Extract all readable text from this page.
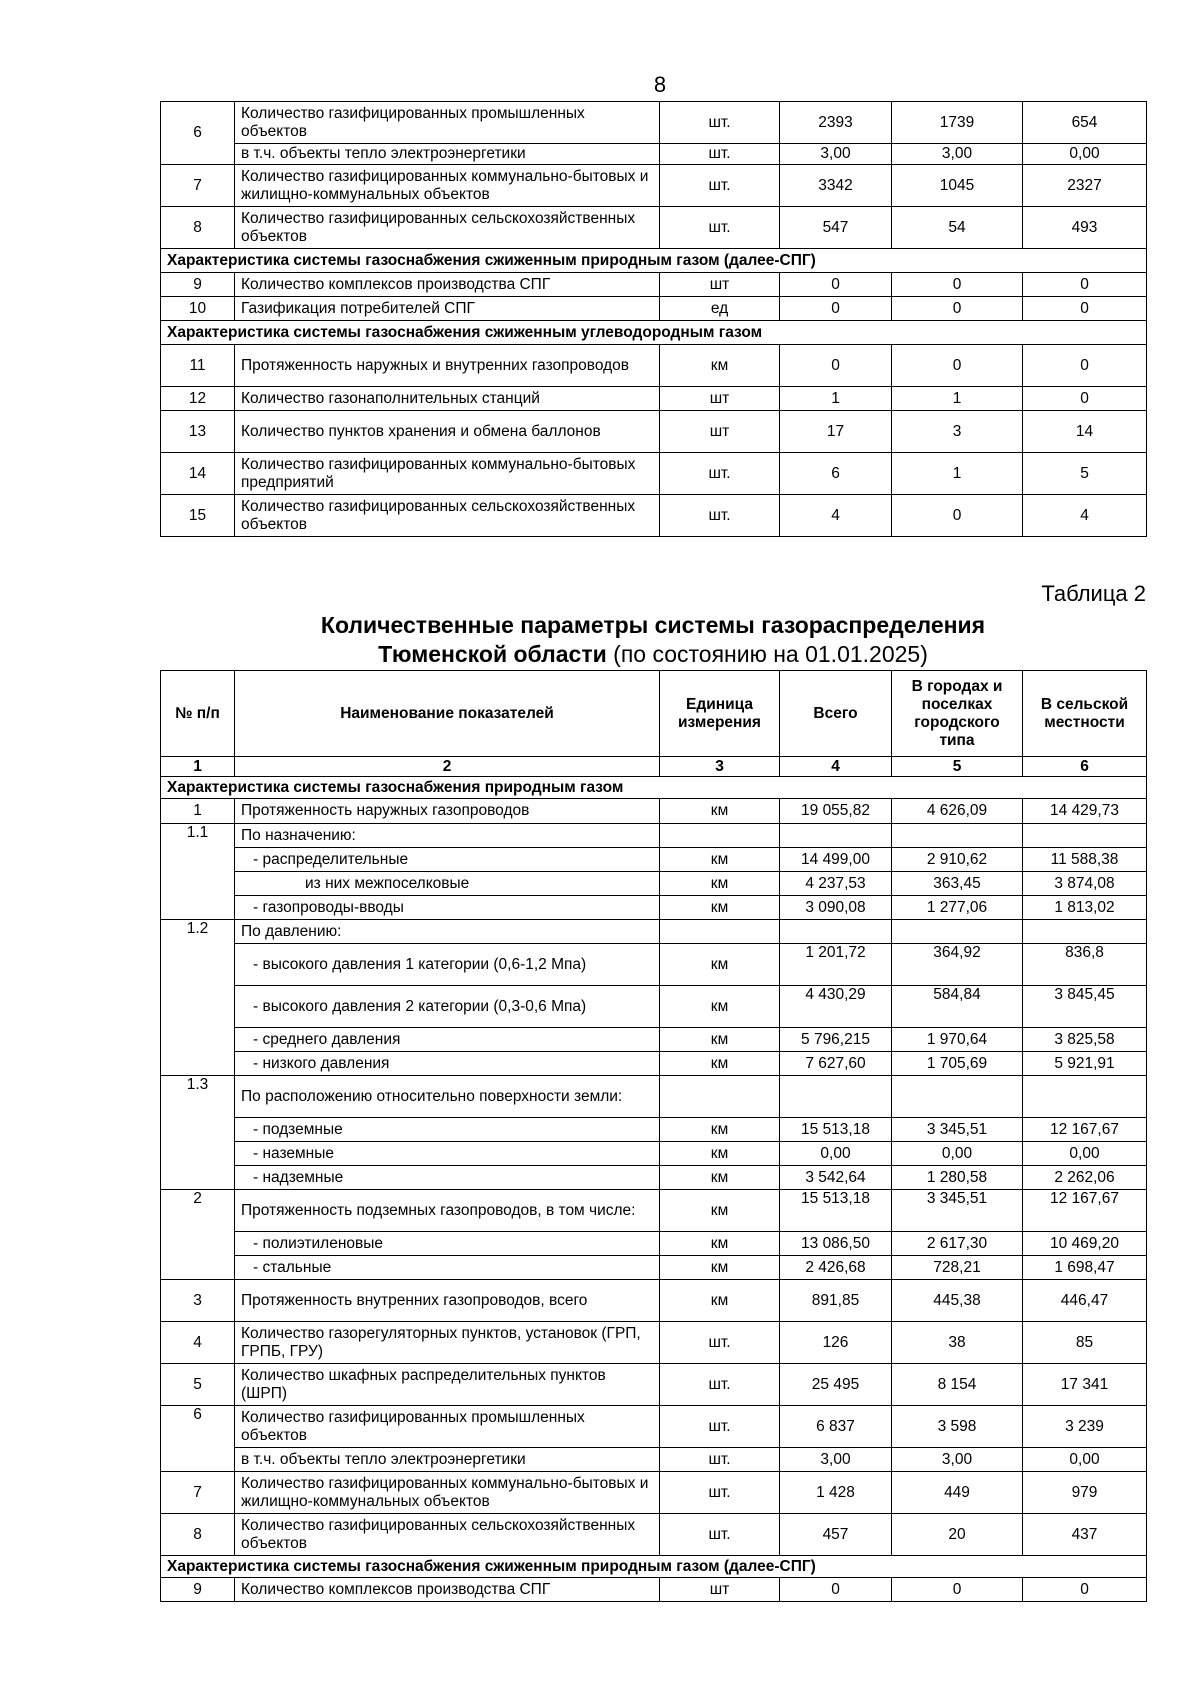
8
6	Количество газифицированных промышленных объектов	шт.	2393	1739	654
	в т.ч. объекты тепло электроэнергетики	шт.	3,00	3,00	0,00
7	Количество газифицированных коммунально-бытовых и жилищно-коммунальных объектов	шт.	3342	1045	2327
8	Количество газифицированных сельскохозяйственных объектов	шт.	547	54	493
Характеристика системы газоснабжения сжиженным природным газом (далее-СПГ)					
9	Количество комплексов производства СПГ	шт	0	0	0
10	Газификация потребителей СПГ	ед	0	0	0
Характеристика системы газоснабжения сжиженным углеводородным газом					
11	Протяженность наружных и внутренних газопроводов	км	0	0	0
12	Количество газонаполнительных станций	шт	1	1	0
13	Количество пунктов хранения и обмена баллонов	шт	17	3	14
14	Количество газифицированных коммунально-бытовых предприятий	шт.	6	1	5
15	Количество газифицированных сельскохозяйственных объектов	шт.	4	0	4
Таблица 2
Количественные параметры системы газораспределения
Тюменской области (по состоянию на 01.01.2025)
№ п/п	Наименование показателей	Единица измерения	Всего	В городах и поселках городского типа	В сельской местности
1	2	3	4	5	6
Характеристика системы газоснабжения природным газом					
1	Протяженность наружных газопроводов	км	19 055,82	4 626,09	14 429,73
1.1	По назначению:				
	- распределительные	км	14 499,00	2 910,62	11 588,38
	из них межпоселковые	км	4 237,53	363,45	3 874,08
	- газопроводы-вводы	км	3 090,08	1 277,06	1 813,02
1.2	По давлению:				
	- высокого давления 1 категории (0,6-1,2 Мпа)	км	1 201,72	364,92	836,8
	- высокого давления 2 категории (0,3-0,6 Мпа)	км	4 430,29	584,84	3 845,45
	- среднего давления	км	5 796,215	1 970,64	3 825,58
	- низкого давления	км	7 627,60	1 705,69	5 921,91
1.3	По расположению относительно поверхности земли:				
	- подземные	км	15 513,18	3 345,51	12 167,67
	- наземные	км	0,00	0,00	0,00
	- надземные	км	3 542,64	1 280,58	2 262,06
2	Протяженность подземных газопроводов, в том числе:	км	15 513,18	3 345,51	12 167,67
	- полиэтиленовые	км	13 086,50	2 617,30	10 469,20
	- стальные	км	2 426,68	728,21	1 698,47
3	Протяженность внутренних газопроводов, всего	км	891,85	445,38	446,47
4	Количество газорегуляторных пунктов, установок (ГРП, ГРПБ, ГРУ)	шт.	126	38	85
5	Количество шкафных распределительных пунктов (ШРП)	шт.	25 495	8 154	17 341
6	Количество газифицированных промышленных объектов	шт.	6 837	3 598	3 239
	в т.ч. объекты тепло электроэнергетики	шт.	3,00	3,00	0,00
7	Количество газифицированных коммунально-бытовых и жилищно-коммунальных объектов	шт.	1 428	449	979
8	Количество газифицированных сельскохозяйственных объектов	шт.	457	20	437
Характеристика системы газоснабжения сжиженным природным газом (далее-СПГ)					
9	Количество комплексов производства СПГ	шт	0	0	0
